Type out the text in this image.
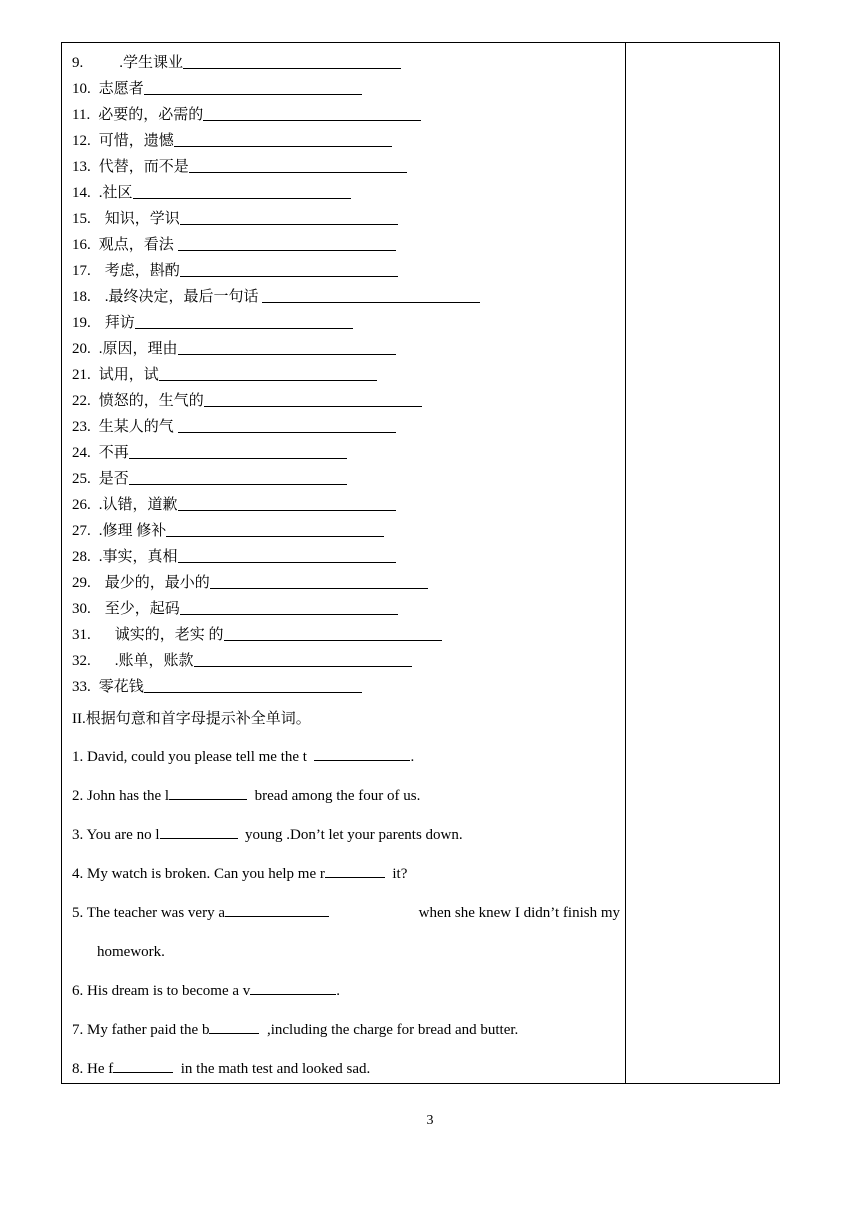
9. .学生课业
10. 志愿者
11. 必要的，必需的
12. 可惜，遗憾
13. 代替，而不是
14. .社区
15. 知识，学识
16. 观点，看法
17. 考虑，斟酌
18. .最终决定，最后一句话
19. 拜访
20. .原因，理由
21. 试用，试
22. 愤怒的，生气的
23. 生某人的气
24. 不再
25. 是否
26. .认错，道歉
27. .修理 修补
28. .事实，真相
29. 最少的，最小的
30. 至少，起码
31. 诚实的，老实 的
32. .账单，账款
33. 零花钱
II.根据句意和首字母提示补全单词。
1. David, could you please tell me the t	.
2. John has the l	bread among the four of us.
3. You are no l	young .Don’t let your parents down.
4. My watch is broken. Can you help me r	it?
5. The teacher was very a	when she knew I didn’t finish my
homework.
6. His dream is to become a v	.
7. My father paid the b	,including the charge for bread and butter.
8. He f	in the math test and looked sad.
3
